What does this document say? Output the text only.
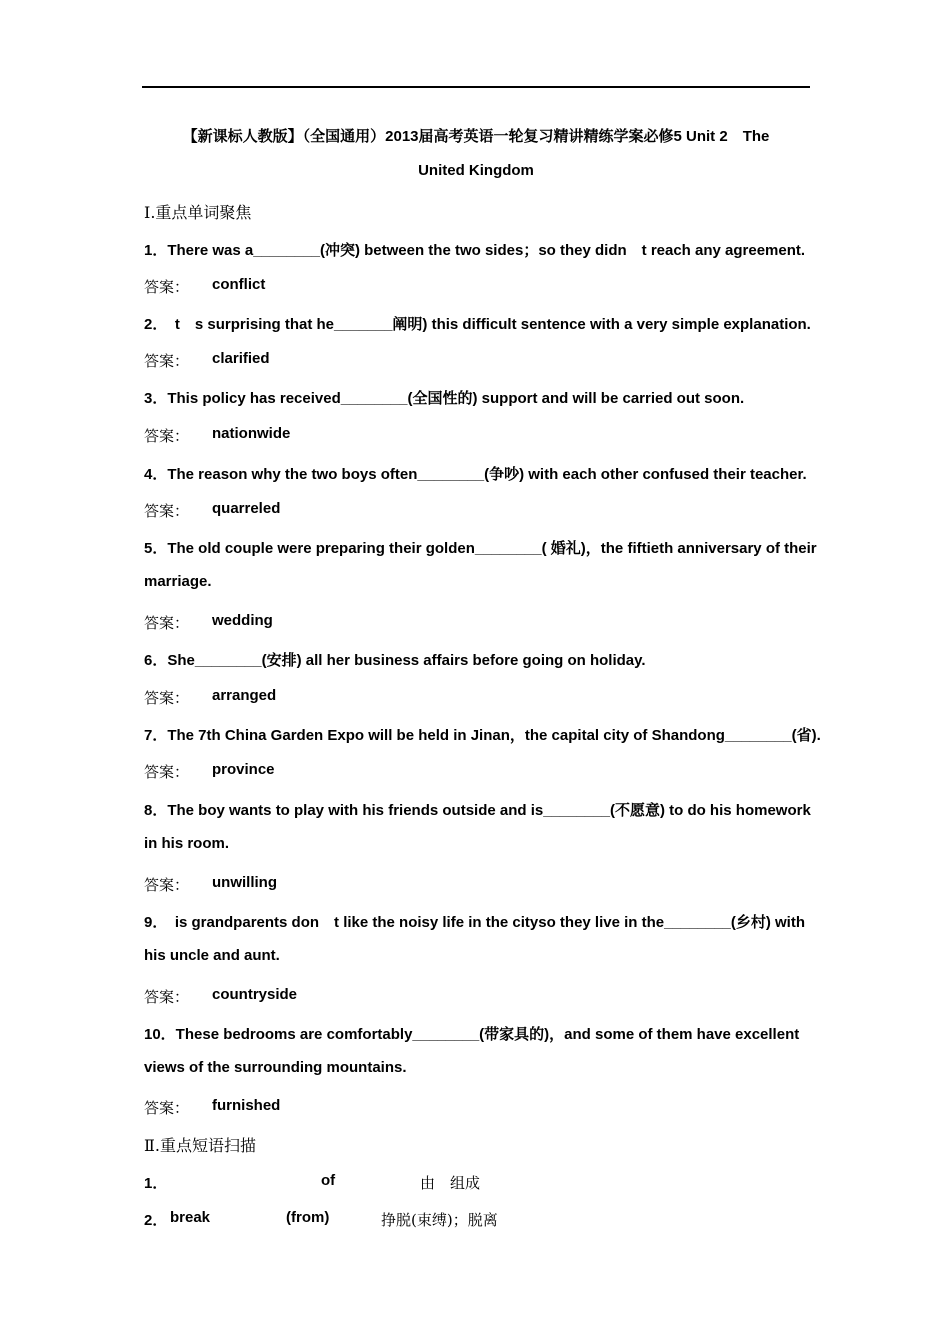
【新课标人教版】（全国通用）2013届高考英语一轮复习精讲精练学案必修5 Unit 2　The
United Kingdom
Ⅰ.重点单词聚焦
1．There was a________(冲突) between the two sides；so they didn　t reach any agreement.
答案： conflict
2．　t　s surprising that he_______阐明) this difficult sentence with a very simple explanation.
答案： clarified
3．This policy has received________(全国性的) support and will be carried out soon.
答案： nationwide
4．The reason why the two boys often________(争吵) with each other confused their teacher.
答案： quarreled
5．The old couple were preparing their golden________( 婚礼)，the fiftieth anniversary of their
marriage.
答案： wedding
6．She________(安排) all her business affairs before going on holiday.
答案： arranged
7．The 7th China Garden Expo will be held in Jinan，the capital city of Shandong________(省).
答案： province
8．The boy wants to play with his friends outside and is________(不愿意) to do his homework
in his room.
答案： unwilling
9．　is grandparents don　t like the noisy life in the cityso they live in the________(乡村) with
his uncle and aunt.
答案： countryside
10．These bedrooms are comfortably________(带家具的)，and some of them have excellent
views of the surrounding mountains.
答案： furnished
Ⅱ.重点短语扫描
1．	of	由　组成
2． break	(from)	挣脱(束缚)；脱离
